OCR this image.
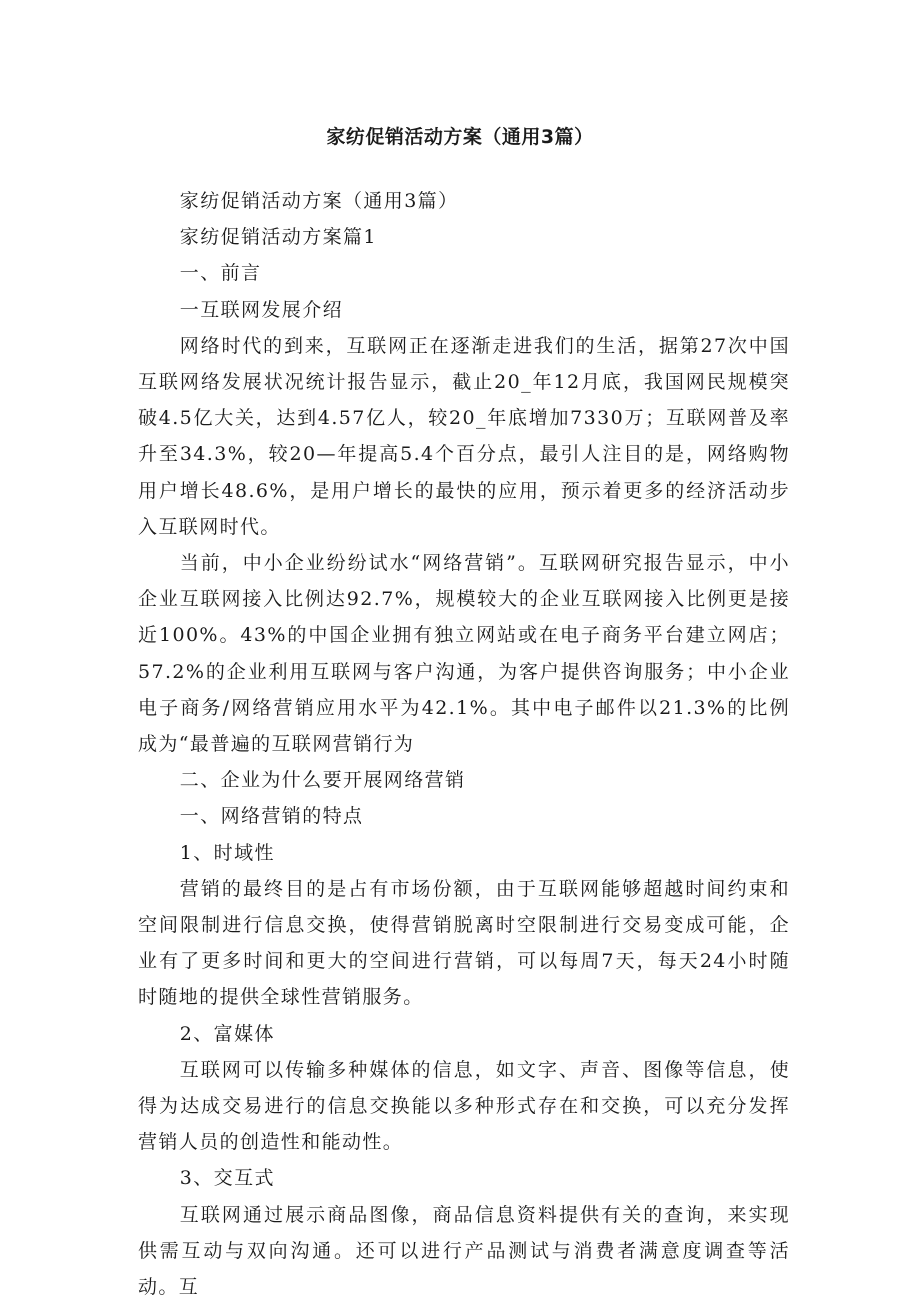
家纺促销活动方案（通用3篇）

家纺促销活动方案（通用3篇）

家纺促销活动方案篇1

一、前言

一互联网发展介绍

网络时代的到来，互联网正在逐渐走进我们的生活，据第27次中国互联网络发展状况统计报告显示，截止20_年12月底，我国网民规模突破4.5亿大关，达到4.57亿人，较20_年底增加7330万；互联网普及率升至34.3%，较20—年提高5.4个百分点，最引人注目的是，网络购物用户增长48.6%，是用户增长的最快的应用，预示着更多的经济活动步入互联网时代。

当前，中小企业纷纷试水“网络营销”。互联网研究报告显示，中小企业互联网接入比例达92.7%，规模较大的企业互联网接入比例更是接近100%。43%的中国企业拥有独立网站或在电子商务平台建立网店；57.2%的企业利用互联网与客户沟通，为客户提供咨询服务；中小企业电子商务/网络营销应用水平为42.1%。其中电子邮件以21.3%的比例成为“最普遍的互联网营销行为

二、企业为什么要开展网络营销

一、网络营销的特点

1、时域性

营销的最终目的是占有市场份额，由于互联网能够超越时间约束和空间限制进行信息交换，使得营销脱离时空限制进行交易变成可能，企业有了更多时间和更大的空间进行营销，可以每周7天，每天24小时随时随地的提供全球性营销服务。

2、富媒体

互联网可以传输多种媒体的信息，如文字、声音、图像等信息，使得为达成交易进行的信息交换能以多种形式存在和交换，可以充分发挥营销人员的创造性和能动性。

3、交互式

互联网通过展示商品图像，商品信息资料提供有关的查询，来实现供需互动与双向沟通。还可以进行产品测试与消费者满意度调查等活动。互
